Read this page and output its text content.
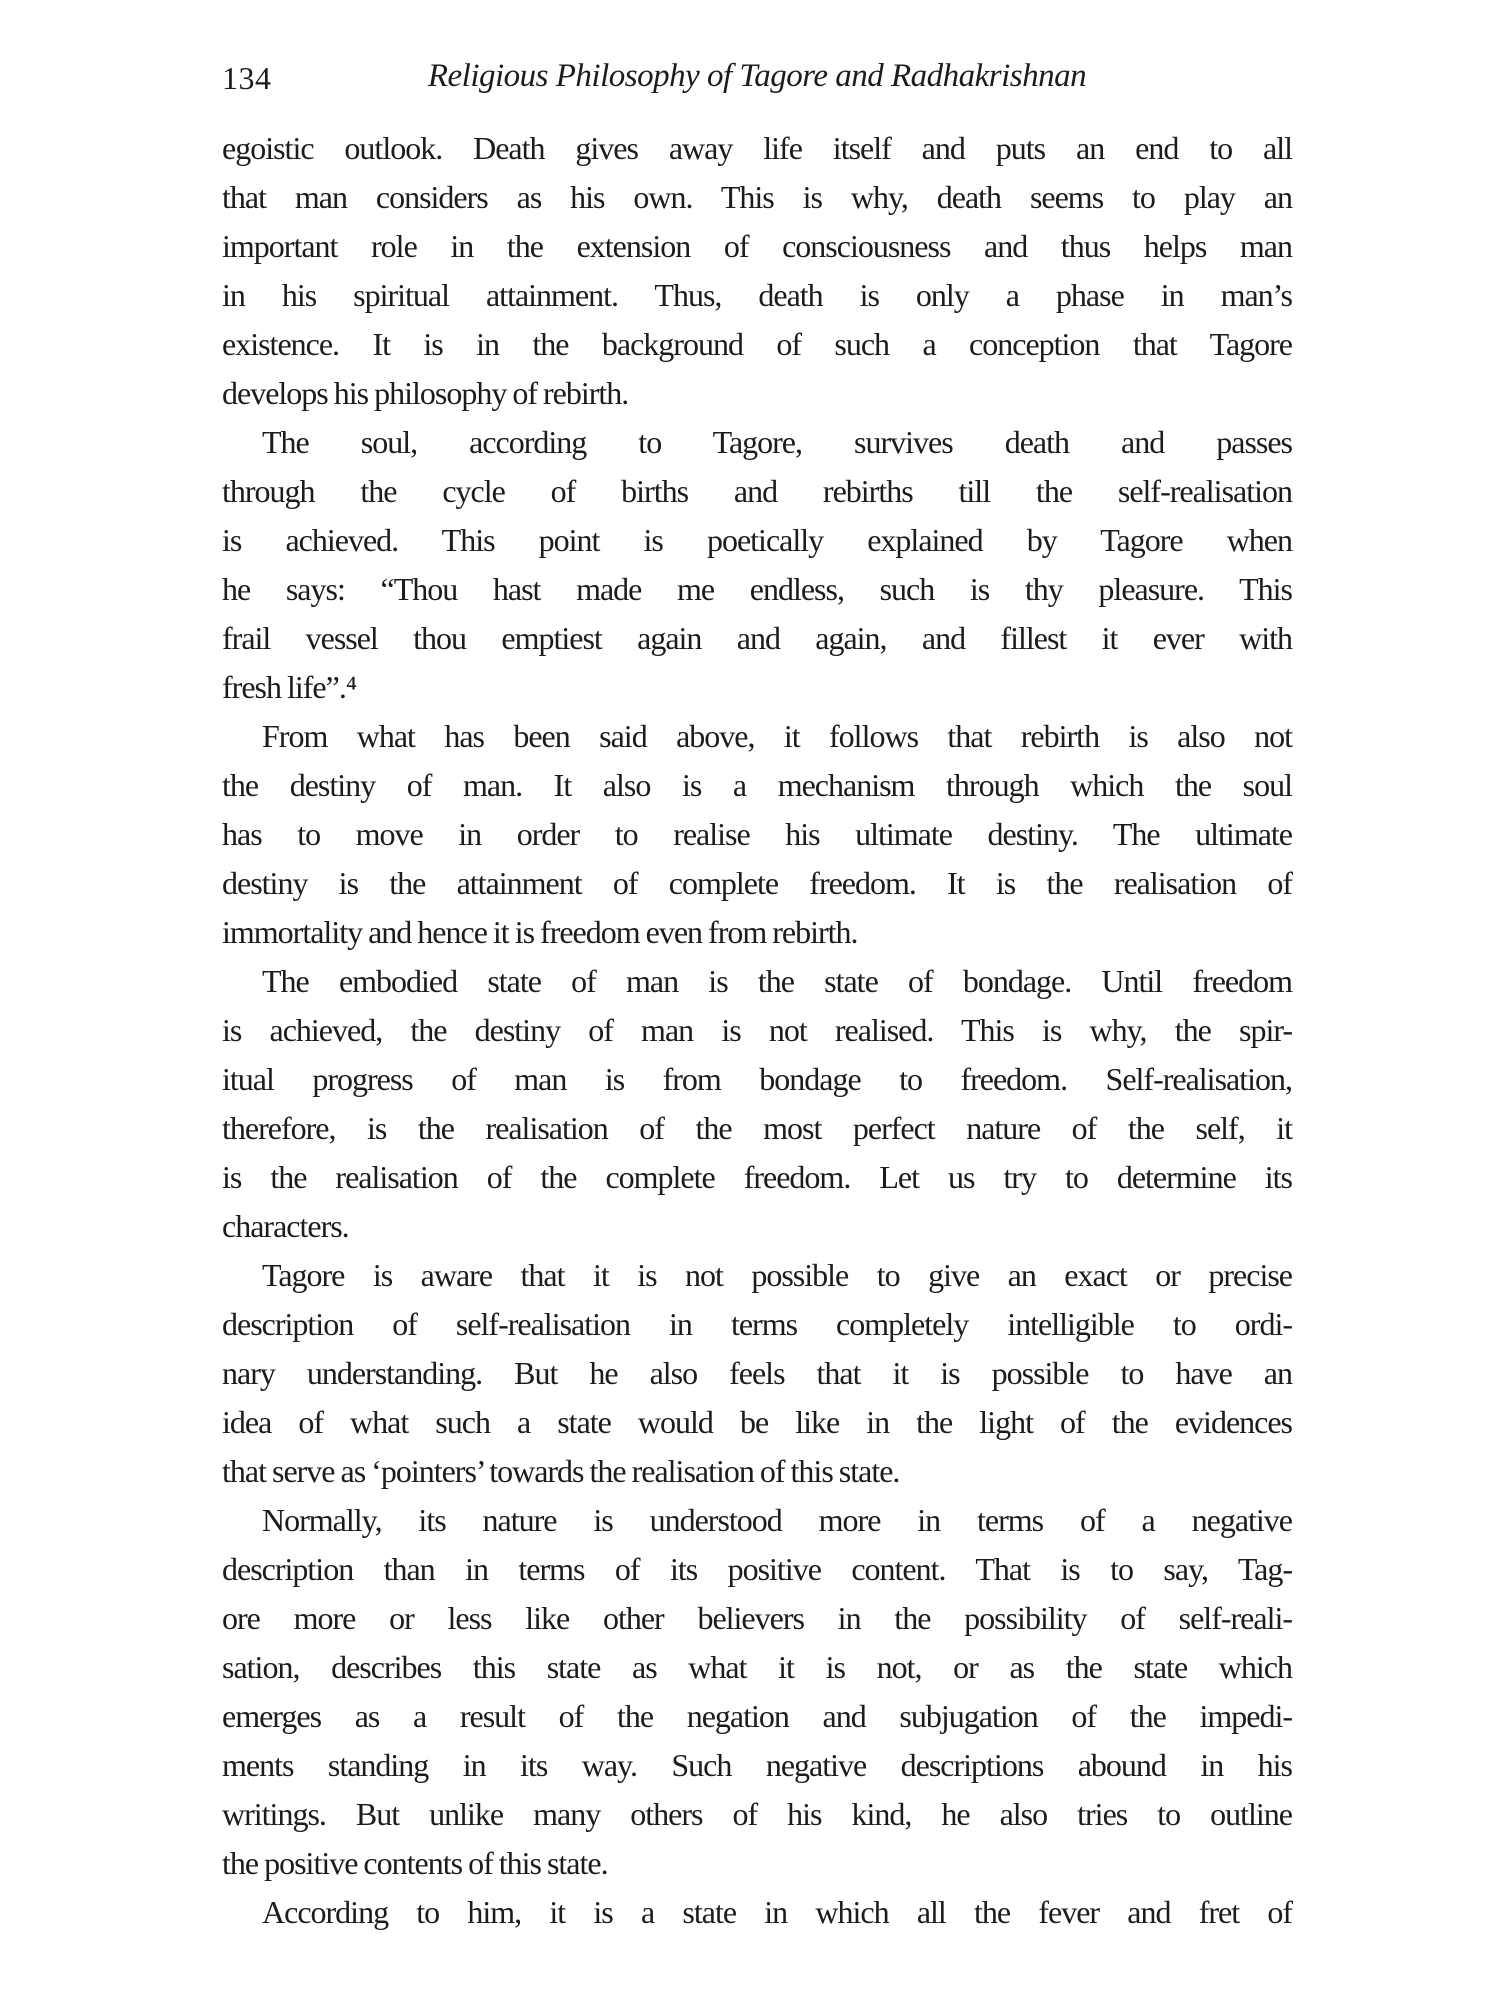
134	Religious Philosophy of Tagore and Radhakrishnan
egoistic outlook. Death gives away life itself and puts an end to all
that man considers as his own. This is why, death seems to play an
important role in the extension of consciousness and thus helps man
in his spiritual attainment. Thus, death is only a phase in man’s
existence. It is in the background of such a conception that Tagore
develops his philosophy of rebirth.
The soul, according to Tagore, survives death and passes
through the cycle of births and rebirths till the self-realisation
is achieved. This point is poetically explained by Tagore when
he says: “Thou hast made me endless, such is thy pleasure. This
frail vessel thou emptiest again and again, and fillest it ever with
fresh life”.⁴
From what has been said above, it follows that rebirth is also not
the destiny of man. It also is a mechanism through which the soul
has to move in order to realise his ultimate destiny. The ultimate
destiny is the attainment of complete freedom. It is the realisation of
immortality and hence it is freedom even from rebirth.
The embodied state of man is the state of bondage. Until freedom
is achieved, the destiny of man is not realised. This is why, the spir-
itual progress of man is from bondage to freedom. Self-realisation,
therefore, is the realisation of the most perfect nature of the self, it
is the realisation of the complete freedom. Let us try to determine its
characters.
Tagore is aware that it is not possible to give an exact or precise
description of self-realisation in terms completely intelligible to ordi-
nary understanding. But he also feels that it is possible to have an
idea of what such a state would be like in the light of the evidences
that serve as ‘pointers’ towards the realisation of this state.
Normally, its nature is understood more in terms of a negative
description than in terms of its positive content. That is to say, Tag-
ore more or less like other believers in the possibility of self-reali-
sation, describes this state as what it is not, or as the state which
emerges as a result of the negation and subjugation of the impedi-
ments standing in its way. Such negative descriptions abound in his
writings. But unlike many others of his kind, he also tries to outline
the positive contents of this state.
According to him, it is a state in which all the fever and fret of
